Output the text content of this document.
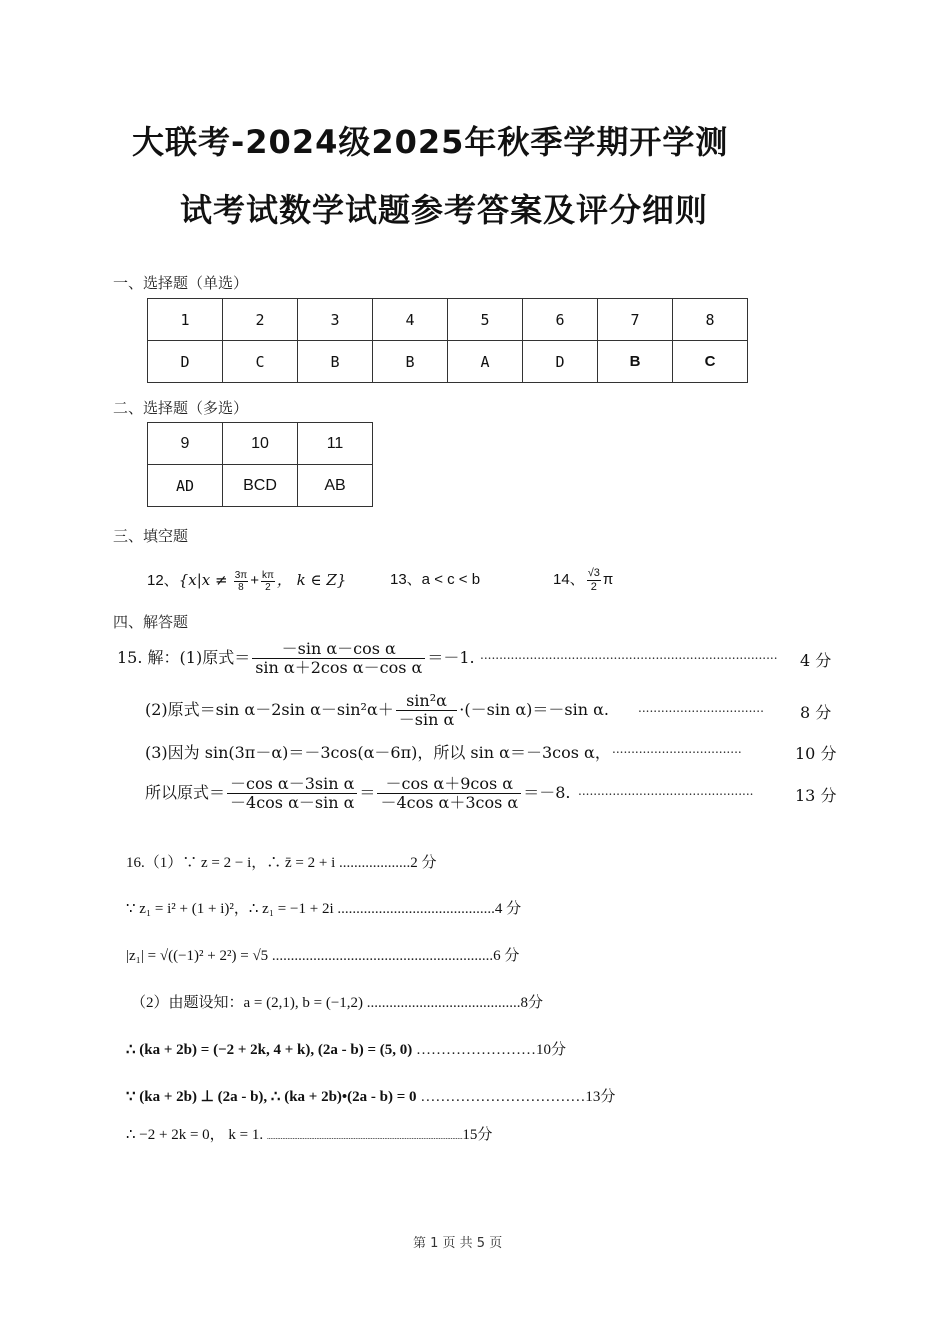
大联考-2024级2025年秋季学期开学测
试考试数学试题参考答案及评分细则
一、选择题（单选）
1	2	3	4	5	6	7	8
D	C	B	B	A	D	B	C
二、选择题（多选）
9	10	11
AD	BCD	AB
三、填空题
12、{$x|x \ne \frac{3\pi}{8} + \frac{k\pi}{2}$ ， k ∈ Z}	13、a < c < b	14、 $\frac{√3}{2}$ π
四、解答题
15. 解：(1)原式＝ $\frac{\text{－sin α－cos α}}{\text{sin α＋2cos α－cos α}} =-1$. .............................................................................. 4 分
(2)原式＝sin α－2sin $\alpha-\sin^2\alpha+ \frac{\text{sin²α}}{\text{－sin α}} \cdot(-\sin$ α)＝－sin α. ................................. 8 分
(3)因为 sin(3π－α)＝－3cos(α－6π)，所以 sin α＝－3cos α， ..................................	10 分
所以原式＝ $\frac{\text{－cos α－3sin α}}{\text{－4cos α－sin α}} = \frac{\text{－cos α＋9cos α}}{\text{－4cos α＋3cos α}} =-8$. ..............................................	13 分
16.（1）∵ z = 2 − i，∴ z̄ = 2 + i ...................2 分
∵ z₁ = i² + (1 + i)²，∴ z₁ = −1 + 2i ..........................................4 分
|z₁| = √((−1)² + 2²) = √5 ...........................................................6 分
（2）由题设知：a = (2,1), b = (−1,2) .........................................8分
∴ (ka + 2b) = (−2 + 2k, 4 + k), (2a - b) = (5, 0) ……………………10分
∵ (ka + 2b) ⊥ (2a - b), ∴ (ka + 2b)•(2a - b) = 0 ……………………………13分
∴ −2 + 2k = 0， k = 1. ...................................................................................................................15分
第 1 页 共 5 页
